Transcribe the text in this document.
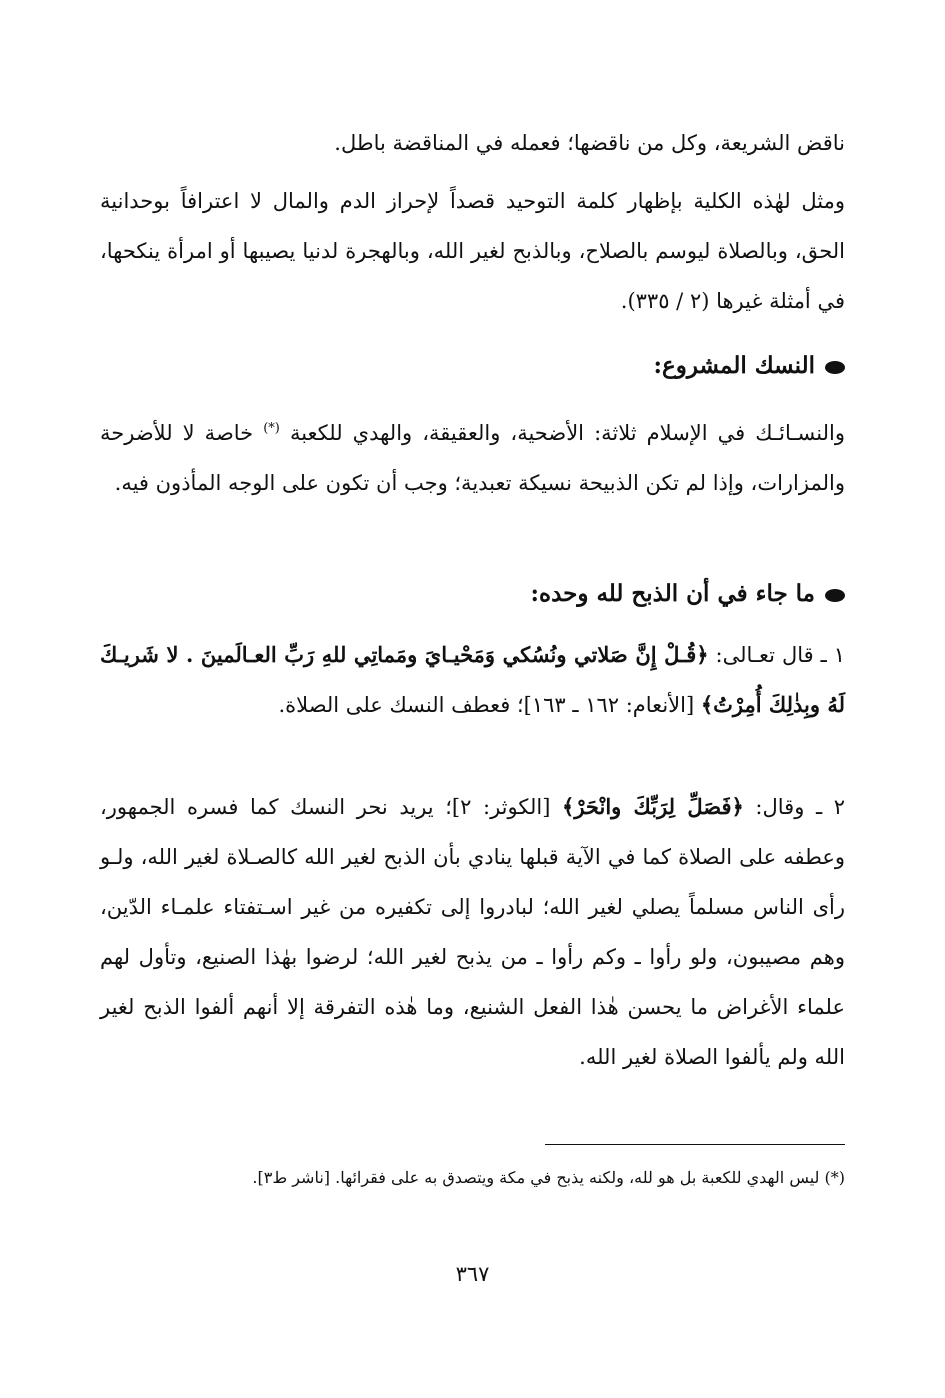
ناقض الشريعة، وكل من ناقضها؛ فعمله في المناقضة باطل.

ومثل لهٰذه الكلية بإظهار كلمة التوحيد قصداً لإحراز الدم والمال لا اعترافاً بوحدانية الحق، وبالصلاة ليوسم بالصلاح، وبالذبح لغير الله، وبالهجرة لدنيا يصيبها أو امرأة ينكحها، في أمثلة غيرها (٢ / ٣٣٥).

النسك المشروع:

والنسـائـك في الإسلام ثلاثة: الأضحية، والعقيقة، والهدي للكعبة (*) خاصة لا للأضرحة والمزارات، وإذا لم تكن الذبيحة نسيكة تعبدية؛ وجب أن تكون على الوجه المأذون فيه.

ما جاء في أن الذبح لله وحده:

١ ـ قال تعـالى: ﴿قُـلْ إِنَّ صَلاتي ونُسُكي وَمَحْيـايَ ومَماتِي للهِ رَبِّ العـالَمينَ . لا شَريـكَ لَهُ وبِذٰلِكَ أُمِرْتُ﴾ [الأنعام: ١٦٢ ـ ١٦٣]؛ فعطف النسك على الصلاة.

٢ ـ وقال: ﴿فَصَلِّ لِرَبِّكَ وانْحَرْ﴾ [الكوثر: ٢]؛ يريد نحر النسك كما فسره الجمهور، وعطفه على الصلاة كما في الآية قبلها ينادي بأن الذبح لغير الله كالصـلاة لغير الله، ولـو رأى الناس مسلماً يصلي لغير الله؛ لبادروا إلى تكفيره من غير اسـتفتاء علمـاء الدّين، وهم مصيبون، ولو رأوا ـ وكم رأوا ـ من يذبح لغير الله؛ لرضوا بهٰذا الصنيع، وتأول لهم علماء الأغراض ما يحسن هٰذا الفعل الشنيع، وما هٰذه التفرقة إلا أنهم ألفوا الذبح لغير الله ولم يألفوا الصلاة لغير الله.

(*) ليس الهدي للكعبة بل هو لله، ولكنه يذبح في مكة ويتصدق به على فقرائها. [ناشر ط٣].

٣٦٧
